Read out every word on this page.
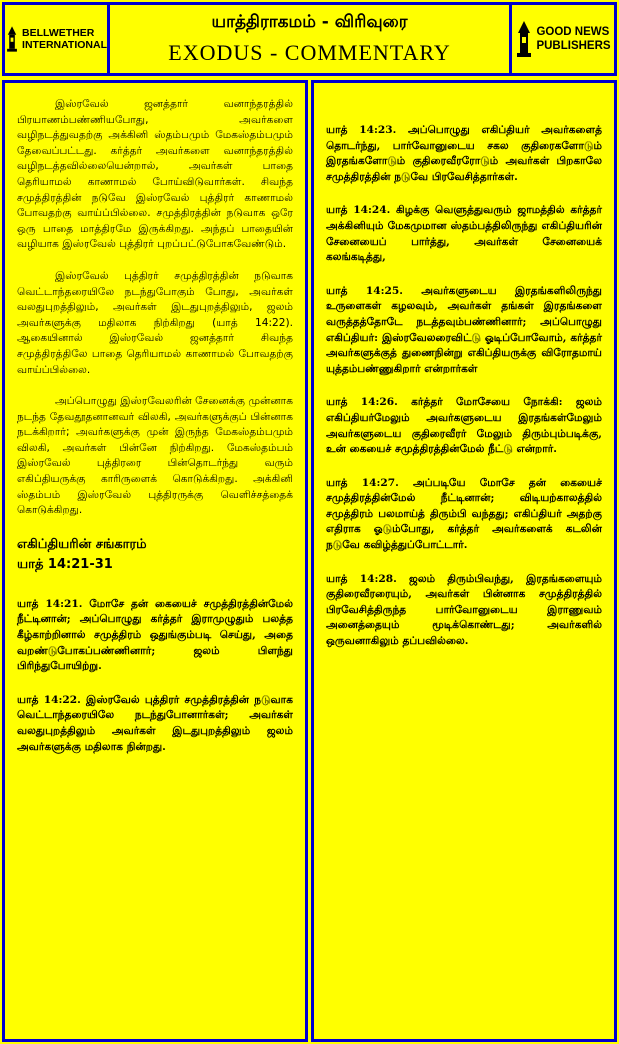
BELLWETHER
INTERNATIONAL
யாத்திராகமம் - விரிவுரை
EXODUS - COMMENTARY
GOOD NEWS
PUBLISHERS

இஸ்ரவேல் ஜனத்தார் வனாந்தரத்தில் பிரயாணம்பண்ணியபோது, அவர்களை வழிநடத்துவதற்கு அக்கினி ஸ்தம்பமும் மேகஸ்தம்பமும் தேவைப்பட்டது. கர்த்தர் அவர்களை வனாந்தரத்தில் வழிநடத்தவில்லையென்றால், அவர்கள் பாதை தெரியாமல் காணாமல் போய்விடுவார்கள். சிவந்த சமுத்திரத்தின் நடுவே இஸ்ரவேல் புத்திரர் காணாமல் போவதற்கு வாய்ப்பில்லை. சமுத்திரத்தின் நடுவாக ஒரே ஒரு பாதை மாத்திரமே இருக்கிறது. அந்தப் பாதையின் வழியாக இஸ்ரவேல் புத்திரர் புறப்பட்டுபோகவேண்டும்.

இஸ்ரவேல் புத்திரர் சமுத்திரத்தின் நடுவாக வெட்டாந்தரையிலே நடந்துபோகும் போது, அவர்கள் வலதுபுறத்திலும், அவர்கள் இடதுபுறத்திலும், ஜலம் அவர்களுக்கு மதிலாக நிற்கிறது (யாத் 14:22). ஆகையினால் இஸ்ரவேல் ஜனத்தார் சிவந்த சமுத்திரத்திலே பாதை தெரியாமல் காணாமல் போவதற்கு வாய்ப்பில்லை.

அப்பொழுது இஸ்ரவேலரின் சேனைக்கு முன்னாக நடந்த தேவதூதனானவர் விலகி, அவர்களுக்குப் பின்னாக நடக்கிறார்; அவர்களுக்கு முன் இருந்த மேகஸ்தம்பமும் விலகி, அவர்கள் பின்னே நிற்கிறது. மேகஸ்தம்பம் இஸ்ரவேல் புத்திரரை பின்தொடர்ந்து வரும் எகிப்தியருக்கு காரிருளைக் கொடுக்கிறது. அக்கினி ஸ்தம்பம் இஸ்ரவேல் புத்திரருக்கு வெளிச்சத்தைக் கொடுக்கிறது.

எகிப்தியரின் சங்காரம்
யாத் 14:21-31

யாத் 14:21. மோசே தன் கையைச் சமுத்திரத்தின்மேல் நீட்டினான்; அப்பொழுது கர்த்தர் இராமுழுதும் பலத்த கீழ்காற்றினால் சமுத்திரம் ஒதுங்கும்படி செய்து, அதை வறண்டுபோகப்பண்ணினார்; ஜலம் பிளந்து பிரிந்துபோயிற்று.

யாத் 14:22. இஸ்ரவேல் புத்திரர் சமுத்திரத்தின் நடுவாக வெட்டாந்தரையிலே நடந்துபோனார்கள்; அவர்கள் வலதுபுறத்திலும் அவர்கள் இடதுபுறத்திலும் ஜலம் அவர்களுக்கு மதிலாக நின்றது.

யாத் 14:23. அப்பொழுது எகிப்தியர் அவர்களைத் தொடர்ந்து, பார்வோனுடைய சகல குதிரைகளோடும் இரதங்களோடும் குதிரைவீரரோடும் அவர்கள் பிறகாலே சமுத்திரத்தின் நடுவே பிரவேசித்தார்கள்.

யாத் 14:24. கிழக்கு வெளுத்துவரும் ஜாமத்தில் கர்த்தர் அக்கினியும் மேகமுமான ஸ்தம்பத்திலிருந்து எகிப்தியரின் சேனையைப் பார்த்து, அவர்கள் சேனையைக் கலங்கடித்து,

யாத் 14:25. அவர்களுடைய இரதங்களிலிருந்து உருளைகள் கழலவும், அவர்கள் தங்கள் இரதங்களை வருத்தத்தோடே நடத்தவும்பண்ணினார்; அப்பொழுது எகிப்தியர்: இஸ்ரவேலரைவிட்டு ஓடிப்போவோம், கர்த்தர் அவர்களுக்குத் துணைநின்று எகிப்தியருக்கு விரோதமாய் யுத்தம்பண்ணுகிறார் என்றார்கள்

யாத் 14:26. கர்த்தர் மோசேயை நோக்கி: ஜலம் எகிப்தியர்மேலும் அவர்களுடைய இரதங்கள்மேலும் அவர்களுடைய குதிரைவீரர் மேலும் திரும்பும்படிக்கு, உன் கையைச் சமுத்திரத்தின்மேல் நீட்டு என்றார்.

யாத் 14:27. அப்படியே மோசே தன் கையைச் சமுத்திரத்தின்மேல் நீட்டினான்; விடியற்காலத்தில் சமுத்திரம் பலமாய்த் திரும்பி வந்தது; எகிப்தியர் அதற்கு எதிராக ஓடும்போது, கர்த்தர் அவர்களைக் கடலின் நடுவே கவிழ்த்துப்போட்டார்.

யாத் 14:28. ஜலம் திரும்பிவந்து, இரதங்களையும் குதிரைவீரரையும், அவர்கள் பின்னாக சமுத்திரத்தில் பிரவேசித்திருந்த பார்வோனுடைய இராணுவம் அனைத்தையும் மூடிக்கொண்டது; அவர்களில் ஒருவனாகிலும் தப்பவில்லை.
